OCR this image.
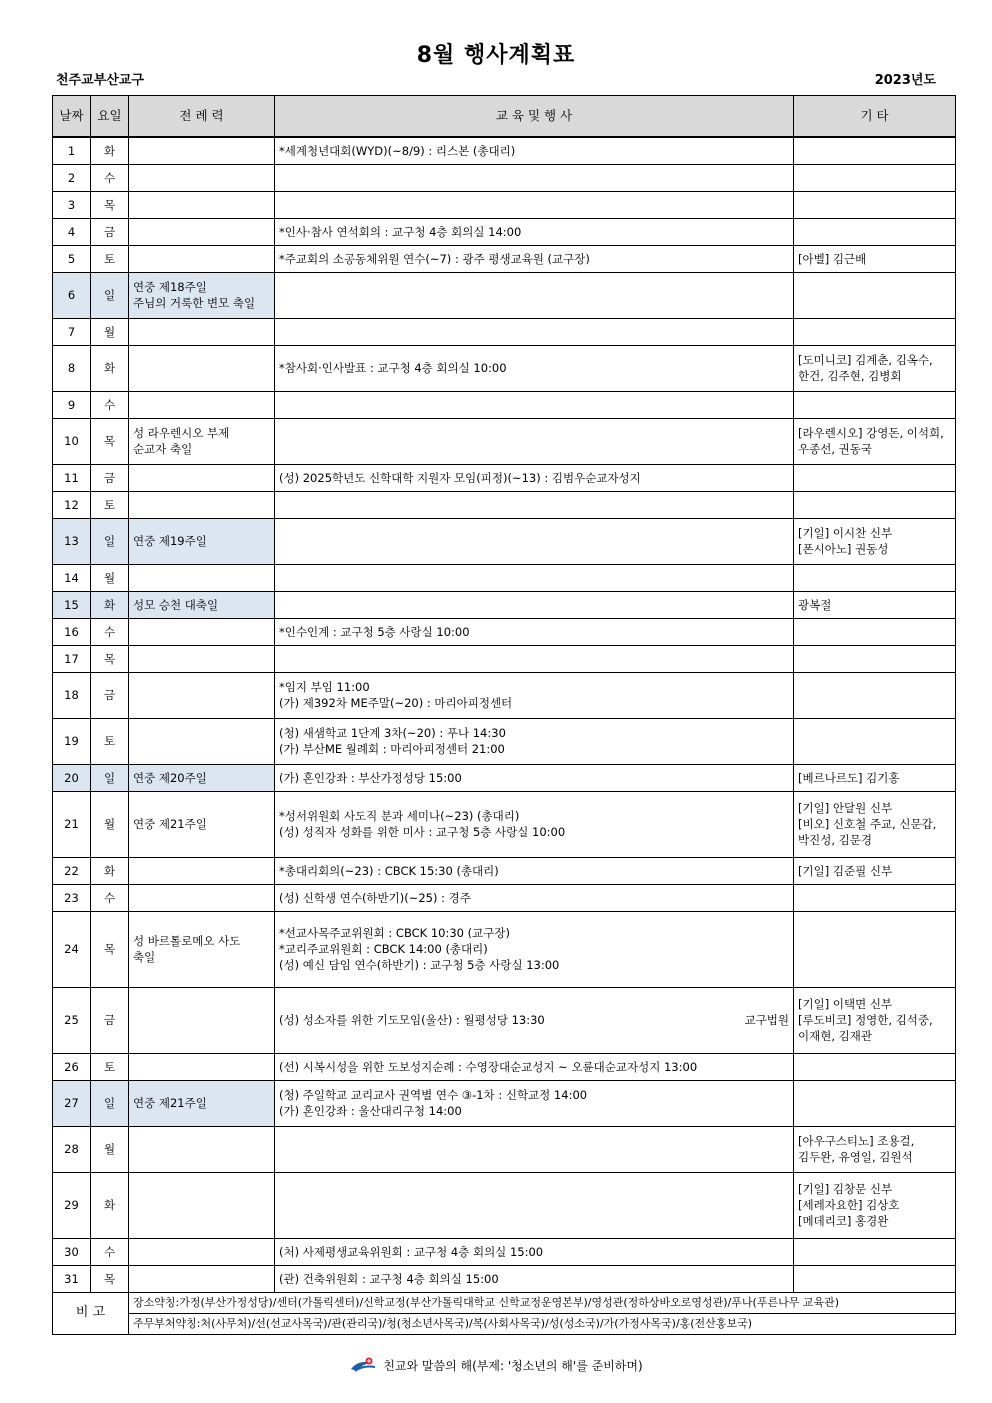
8월 행사계획표
천주교부산교구	2023년도
날짜	요일	전 례 력	교 육 및 행 사	기 타
1	화		*세계청년대회(WYD)(~8/9) : 리스본 (총대리)	

2	수			
3	목			
4	금		*인사·참사 연석회의 : 교구청 4층 회의실 14:00	

5	토		*주교회의 소공동체위원 연수(~7) : 광주 평생교육원 (교구장)	[아벨] 김근배

6	일	연중 제18주일
주님의 거룩한 변모 축일		

7	월			
8	화		*참사회·인사발표 : 교구청 4층 회의실 10:00	[도미니코] 김계춘, 김옥수,
한건, 김주현, 김병회

9	수			
10	목	성 라우렌시오 부제
순교자 축일		[라우렌시오] 강영돈, 이석희,
우종선, 권동국

11	금		(성) 2025학년도 신학대학 지원자 모임(피정)(~13) : 김범우순교자성지	

12	토			
13	일	연중 제19주일		[기일] 이시찬 신부
[폰시아노] 권동성

14	월			
15	화	성모 승천 대축일		광복절

16	수		*인수인계 : 교구청 5층 사랑실 10:00	

17	목			
18	금		*임지 부임 11:00
(가) 제392차 ME주말(~20) : 마리아피정센터	

19	토		(청) 새샘학교 1단계 3차(~20) : 푸나 14:30
(가) 부산ME 월례회 : 마리아피정센터 21:00	

20	일	연중 제20주일	(가) 혼인강좌 : 부산가정성당 15:00	[베르나르도] 김기홍

21	월	연중 제21주일	*성서위원회 사도직 분과 세미나(~23) (총대리)
(성) 성직자 성화를 위한 미사 : 교구청 5층 사랑실 10:00	[기일] 안달원 신부
[비오] 신호철 주교, 신문갑,
박진성, 김문경

22	화		*총대리회의(~23) : CBCK 15:30 (총대리)	[기일] 김준필 신부

23	수		(성) 신학생 연수(하반기)(~25) : 경주	

24	목	성 바르톨로메오 사도
축일	*선교사목주교위원회 : CBCK 10:30 (교구장)
*교리주교위원회 : CBCK 14:00 (총대리)
(성) 예신 담임 연수(하반기) : 교구청 5층 사랑실 13:00	

25	금		교구법원
(성) 성소자를 위한 기도모임(울산) : 월평성당 13:30	[기일] 이택면 신부
[루도비코] 정영한, 김석중,
이재현, 김재관

26	토		(선) 시복시성을 위한 도보성지순례 : 수영장대순교성지 ~ 오륜대순교자성지 13:00	

27	일	연중 제21주일	(청) 주일학교 교리교사 권역별 연수 ③-1차 : 신학교정 14:00
(가) 혼인강좌 : 울산대리구청 14:00	

28	월			[아우구스티노] 조용걸,
김두완, 유영일, 김원석

29	화			[기일] 김창문 신부
[세레자요한] 김상호
[메데리코] 홍경완

30	수		(처) 사제평생교육위원회 : 교구청 4층 회의실 15:00	

31	목		(관) 건축위원회 : 교구청 4층 회의실 15:00	

비 고		장소약칭:가정(부산가정성당)/센터(가톨릭센터)/신학교정(부산가톨릭대학교 신학교정운영본부)/영성관(정하상바오로영성관)/푸나(푸른나무 교육관)		

		주무부처약칭:처(사무처)/선(선교사목국)/관(관리국)/청(청소년사목국)/복(사회사목국)/성(성소국)/가(가정사목국)/홍(전산홍보국)		
친교와 말씀의 해(부제: '청소년의 해'를 준비하며)
